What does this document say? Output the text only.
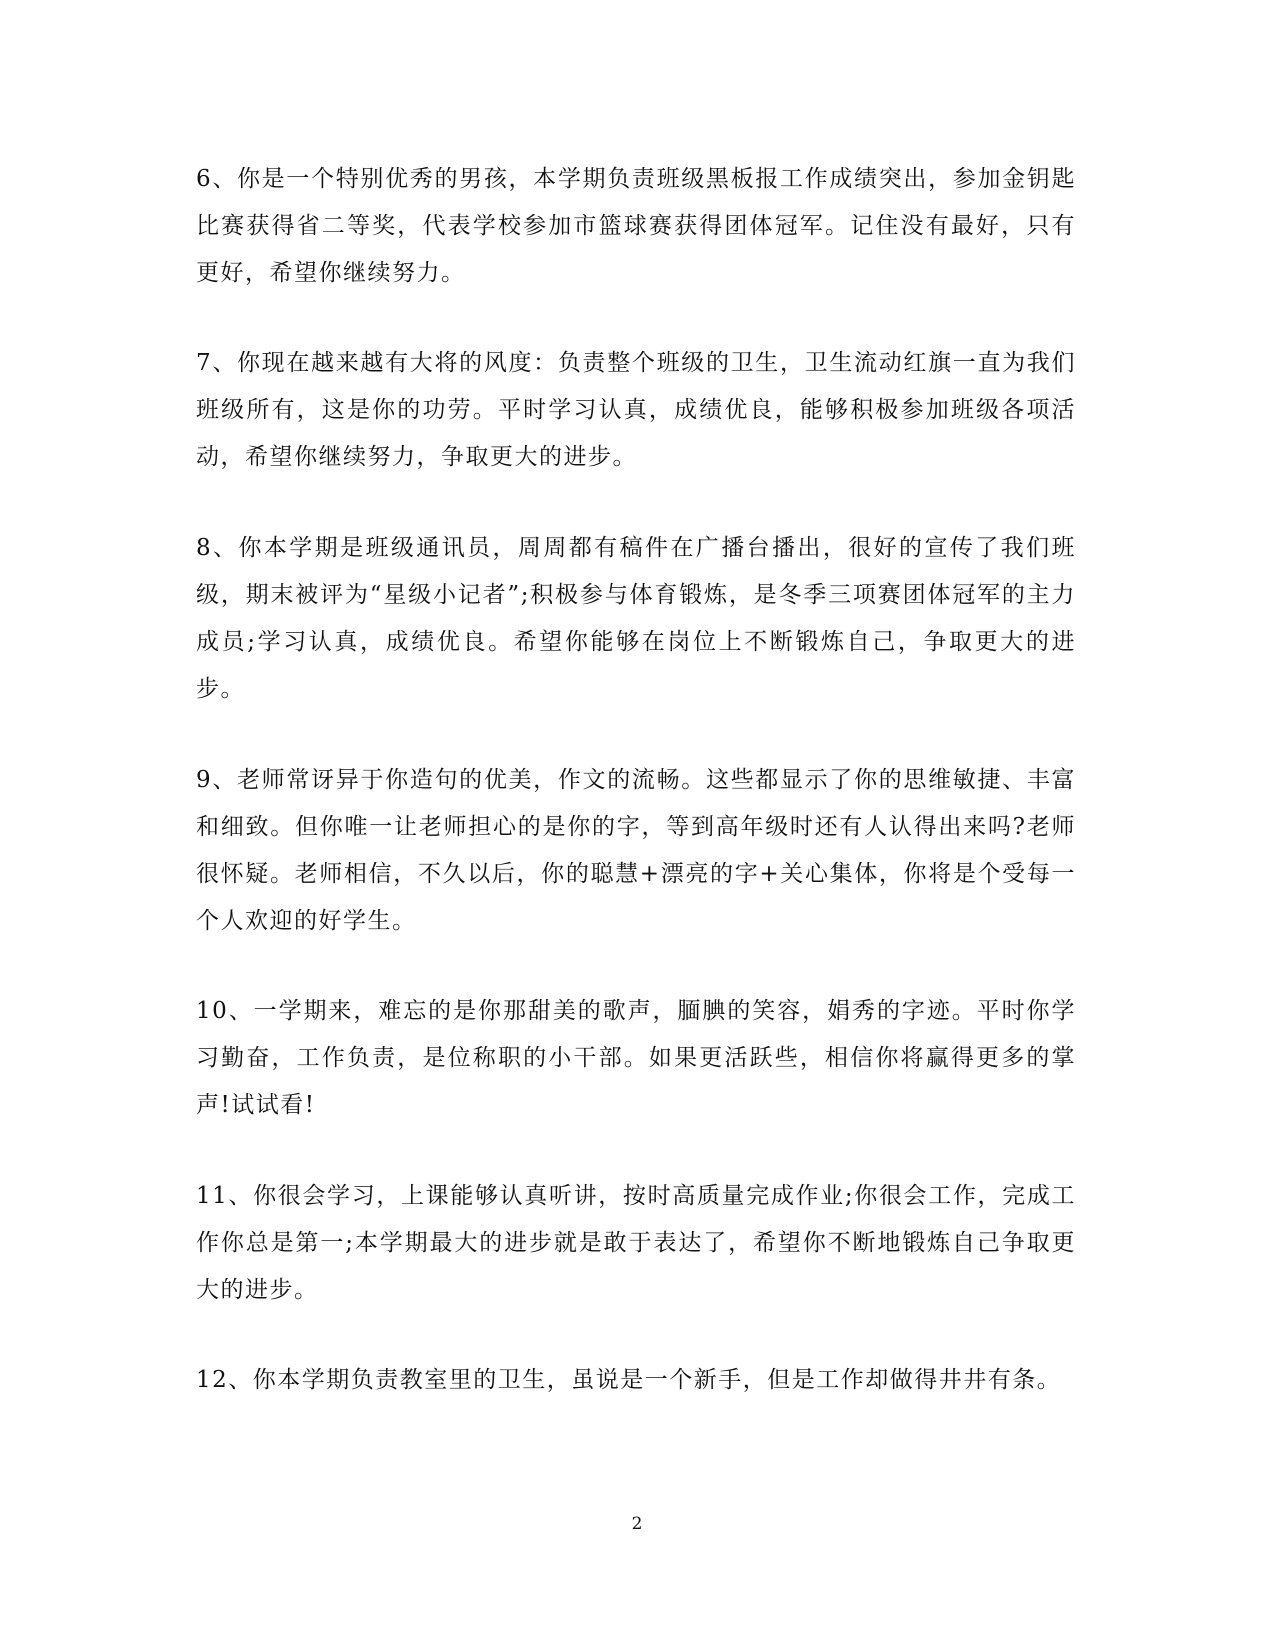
6、你是一个特别优秀的男孩，本学期负责班级黑板报工作成绩突出，参加金钥匙比赛获得省二等奖，代表学校参加市篮球赛获得团体冠军。记住没有最好，只有更好，希望你继续努力。

7、你现在越来越有大将的风度：负责整个班级的卫生，卫生流动红旗一直为我们班级所有，这是你的功劳。平时学习认真，成绩优良，能够积极参加班级各项活动，希望你继续努力，争取更大的进步。

8、你本学期是班级通讯员，周周都有稿件在广播台播出，很好的宣传了我们班级，期末被评为“星级小记者”;积极参与体育锻炼，是冬季三项赛团体冠军的主力成员;学习认真，成绩优良。希望你能够在岗位上不断锻炼自己，争取更大的进步。

9、老师常讶异于你造句的优美，作文的流畅。这些都显示了你的思维敏捷、丰富和细致。但你唯一让老师担心的是你的字，等到高年级时还有人认得出来吗?老师很怀疑。老师相信，不久以后，你的聪慧+漂亮的字+关心集体，你将是个受每一个人欢迎的好学生。

10、一学期来，难忘的是你那甜美的歌声，腼腆的笑容，娟秀的字迹。平时你学习勤奋，工作负责，是位称职的小干部。如果更活跃些，相信你将赢得更多的掌声!试试看!

11、你很会学习，上课能够认真听讲，按时高质量完成作业;你很会工作，完成工作你总是第一;本学期最大的进步就是敢于表达了，希望你不断地锻炼自己争取更大的进步。

12、你本学期负责教室里的卫生，虽说是一个新手，但是工作却做得井井有条。

2
